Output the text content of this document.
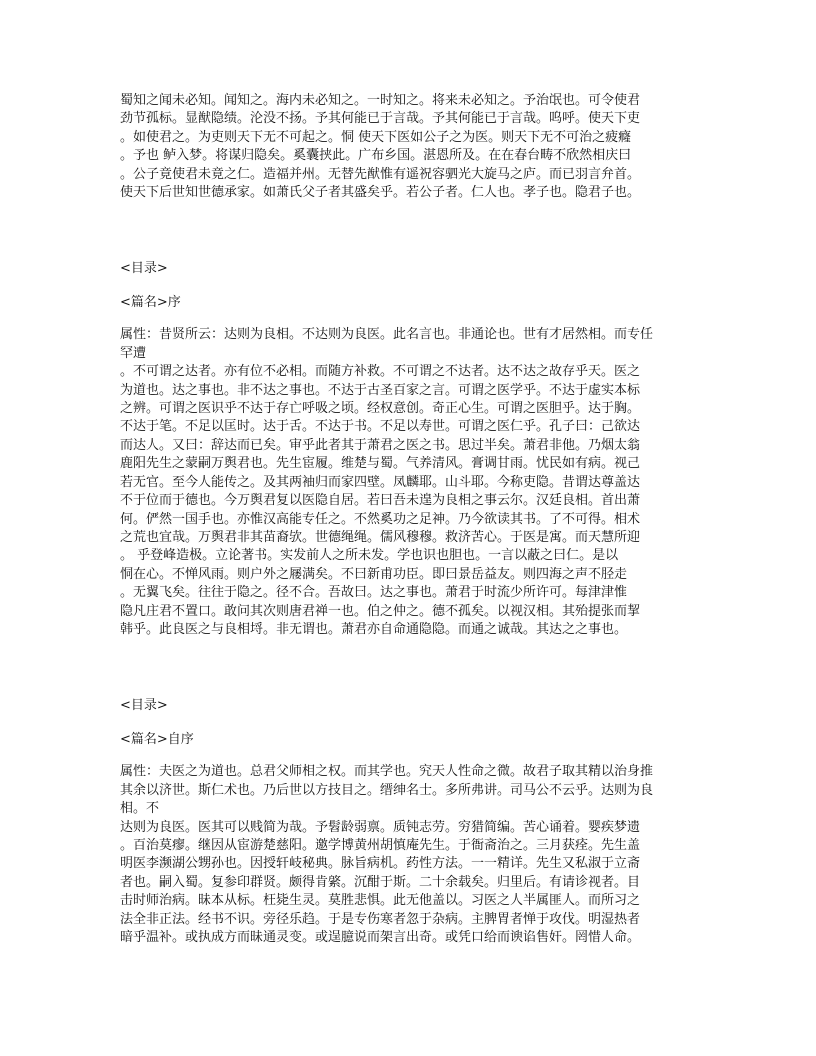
蜀知之闻未必知。闻知之。海内未必知之。一时知之。将来未必知之。予治氓也。可令使君
劲节孤标。显猷隐绩。沦没不扬。予其何能已于言哉。予其何能已于言哉。呜呼。使天下吏
。如使君之。为吏则天下无不可起之。恫 使天下医如公子之为医。则天下无不可治之疲癃
。予也 鲈入梦。将谋归隐矣。奚囊挟此。广布乡国。湛恩所及。在在春台畴不欣然相庆曰
。公子竟使君未竟之仁。造福并州。无替先猷惟有遥祝容驷光大旋马之庐。而已羽言弁首。
使天下后世知世德承家。如萧氏父子者其盛矣乎。若公子者。仁人也。孝子也。隐君子也。

<目录>

<篇名>序

属性：昔贤所云：达则为良相。不达则为良医。此名言也。非通论也。世有才居然相。而专任
罕遭
。不可谓之达者。亦有位不必相。而随方补救。不可谓之不达者。达不达之故存乎天。医之
为道也。达之事也。非不达之事也。不达于古圣百家之言。可谓之医学乎。不达于虚实本标
之辨。可谓之医识乎不达于存亡呼吸之顷。经权意创。奇正心生。可谓之医胆乎。达于胸。
不达于笔。不足以匡时。达于舌。不达于书。不足以寿世。可谓之医仁乎。孔子曰：己欲达
而达人。又曰：辞达而已矣。审乎此者其于萧君之医之书。思过半矣。萧君非他。乃烟太翁
鹿阳先生之蒙嗣万舆君也。先生宦履。维楚与蜀。气养清风。膏调甘雨。忧民如有病。视己
若无官。至今人能传之。及其两袖归而家四壁。凤麟耶。山斗耶。今称吏隐。昔谓达尊盖达
不于位而于德也。今万舆君复以医隐自居。若曰吾未遑为良相之事云尔。汉廷良相。首出萧
何。俨然一国手也。亦惟汉高能专任之。不然奚功之足神。乃今欲读其书。了不可得。相术
之荒也宜哉。万舆君非其苗裔欤。世德绳绳。儒风穆穆。救济苦心。于医是寓。而天慧所迎
。 乎登峰造极。立论著书。实发前人之所未发。学也识也胆也。一言以蔽之曰仁。是以
恫在心。不惮风雨。则户外之屦满矣。不曰新甫功臣。即曰景岳益友。则四海之声不胫走
。无翼飞矣。往往于隐之。径不合。吾故曰。达之事也。萧君于时流少所许可。每津津惟
隐凡庄君不置口。敢问其次则唐君禅一也。伯之仲之。德不孤矣。以视汉相。其殆提张而挈
韩乎。此良医之与良相埒。非无谓也。萧君亦自命通隐隐。而通之诚哉。其达之之事也。

<目录>

<篇名>自序

属性：夫医之为道也。总君父师相之权。而其学也。究天人性命之微。故君子取其精以治身推
其余以济世。斯仁术也。乃后世以方技目之。缙绅名士。多所弗讲。司马公不云乎。达则为良
相。不
达则为良医。医其可以贱简为哉。予髫龄弱禀。质钝志劳。穷猎简编。苦心诵着。婴疾梦遗
。百治莫瘳。继因从宦游楚慈阳。邀学博黄州胡慎庵先生。于衙斋治之。三月获痊。先生盖
明医李濒湖公甥孙也。因授轩岐秘典。脉旨病机。药性方法。一一精详。先生又私淑于立斋
者也。嗣入蜀。复参印群贤。颇得肯綮。沉酣于斯。二十余载矣。归里后。有请诊视者。目
击时师治病。昧本从标。枉毙生灵。莫胜悲惧。此无他盖以。习医之人半属匪人。而所习之
法全非正法。经书不识。旁径乐趋。于是专伤寒者忽于杂病。主脾胃者惮于攻伐。明湿热者
暗乎温补。或执成方而昧通灵变。或逞臆说而架言出奇。或凭口给而谀谄售奸。罔惜人命。
